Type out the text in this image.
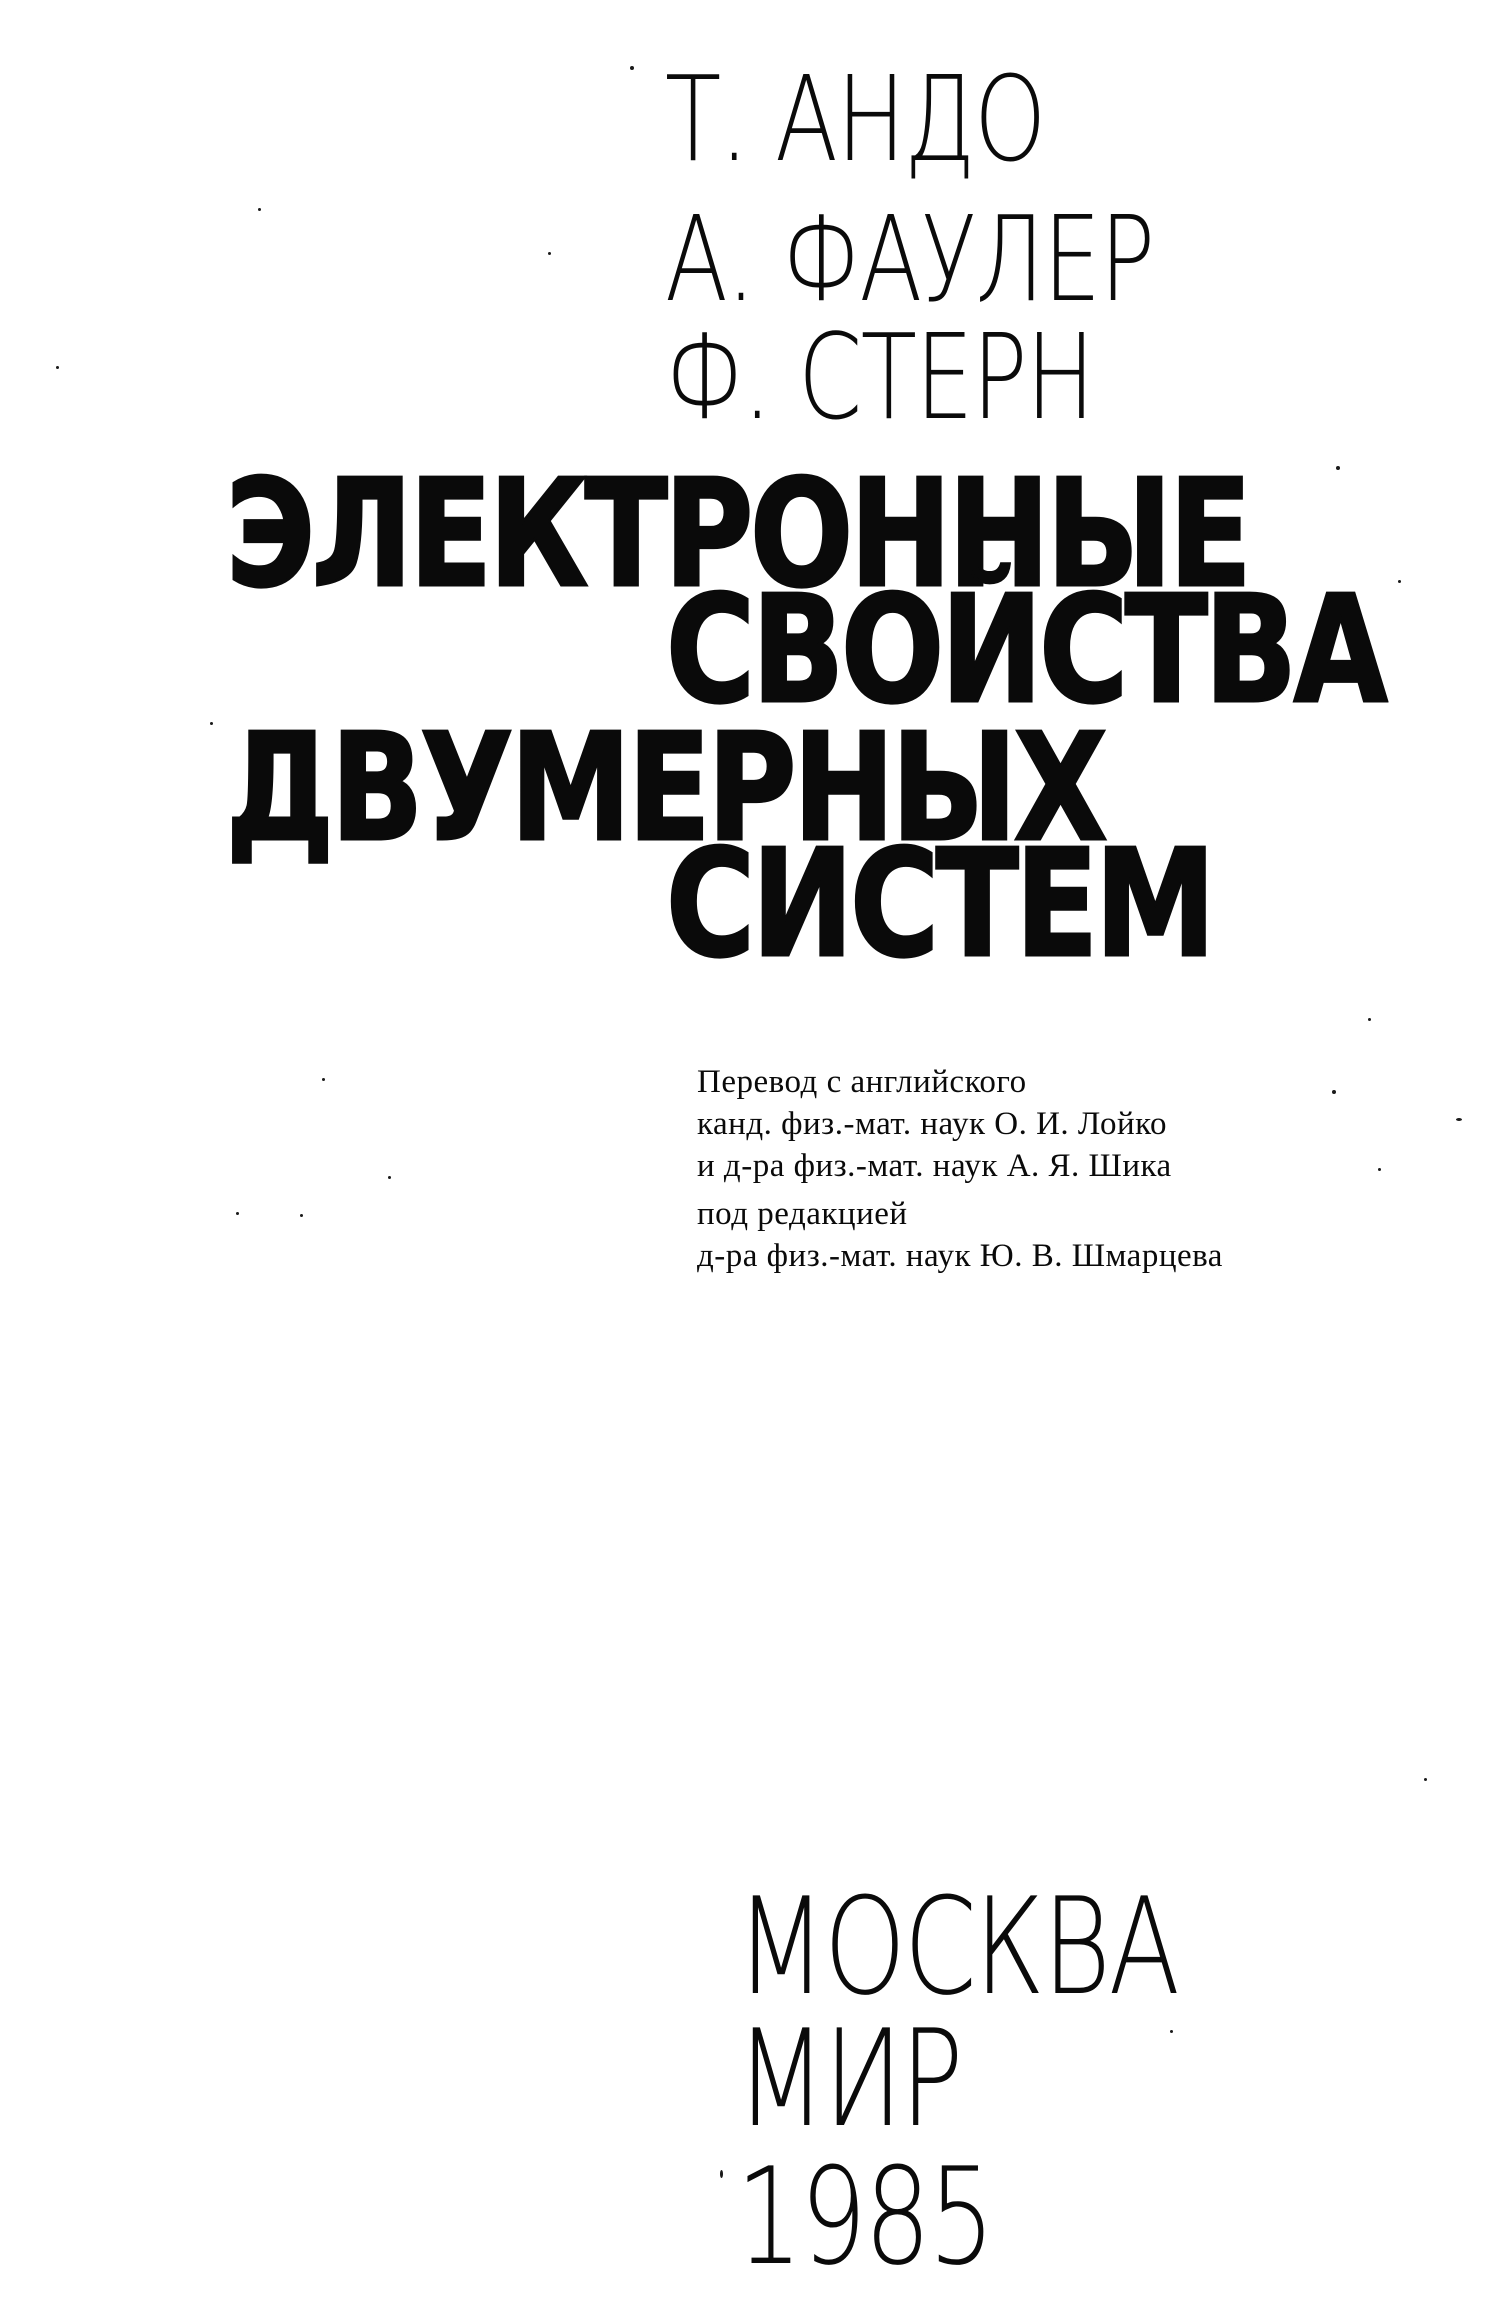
Т. АНДО
А. ФАУЛЕР
Ф. СТЕРН
ЭЛЕКТРОННЫЕ
СВОЙСТВА
ДВУМЕРНЫХ
СИСТЕМ
Перевод с английского
канд. физ.-мат. наук О. И. Лойко
и д-ра физ.-мат. наук А. Я. Шика
под редакцией
д-ра физ.-мат. наук Ю. В. Шмарцева
МОСКВА
МИР
1985
